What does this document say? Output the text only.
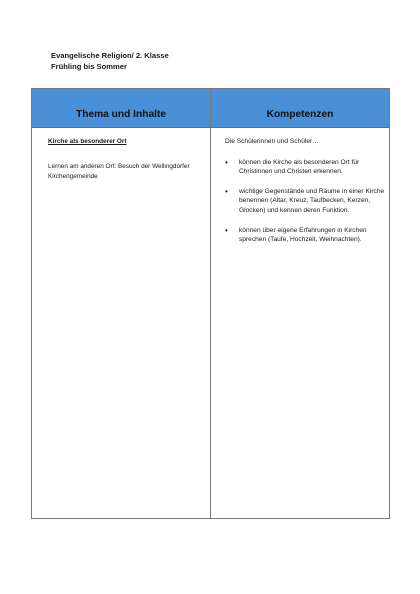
Evangelische Religion/ 2. Klasse
Frühling bis Sommer
Thema und Inhalte	Kompetenzen
Kirche als besonderer Ort
Lernen am anderen Ort: Besuch der Wellingdorfer Kirchengemeinde

Die Schülerinnen und Schüler…

• können die Kirche als besonderen Ort für Christinnen und Christen erkennen.
• wichtige Gegenstände und Räume in einer Kirche benennen (Altar, Kreuz, Taufbecken, Kerzen, Glocken) und kennen deren Funktion.
• können über eigene Erfahrungen in Kirchen sprechen (Taufe, Hochzeit, Weihnachten).
